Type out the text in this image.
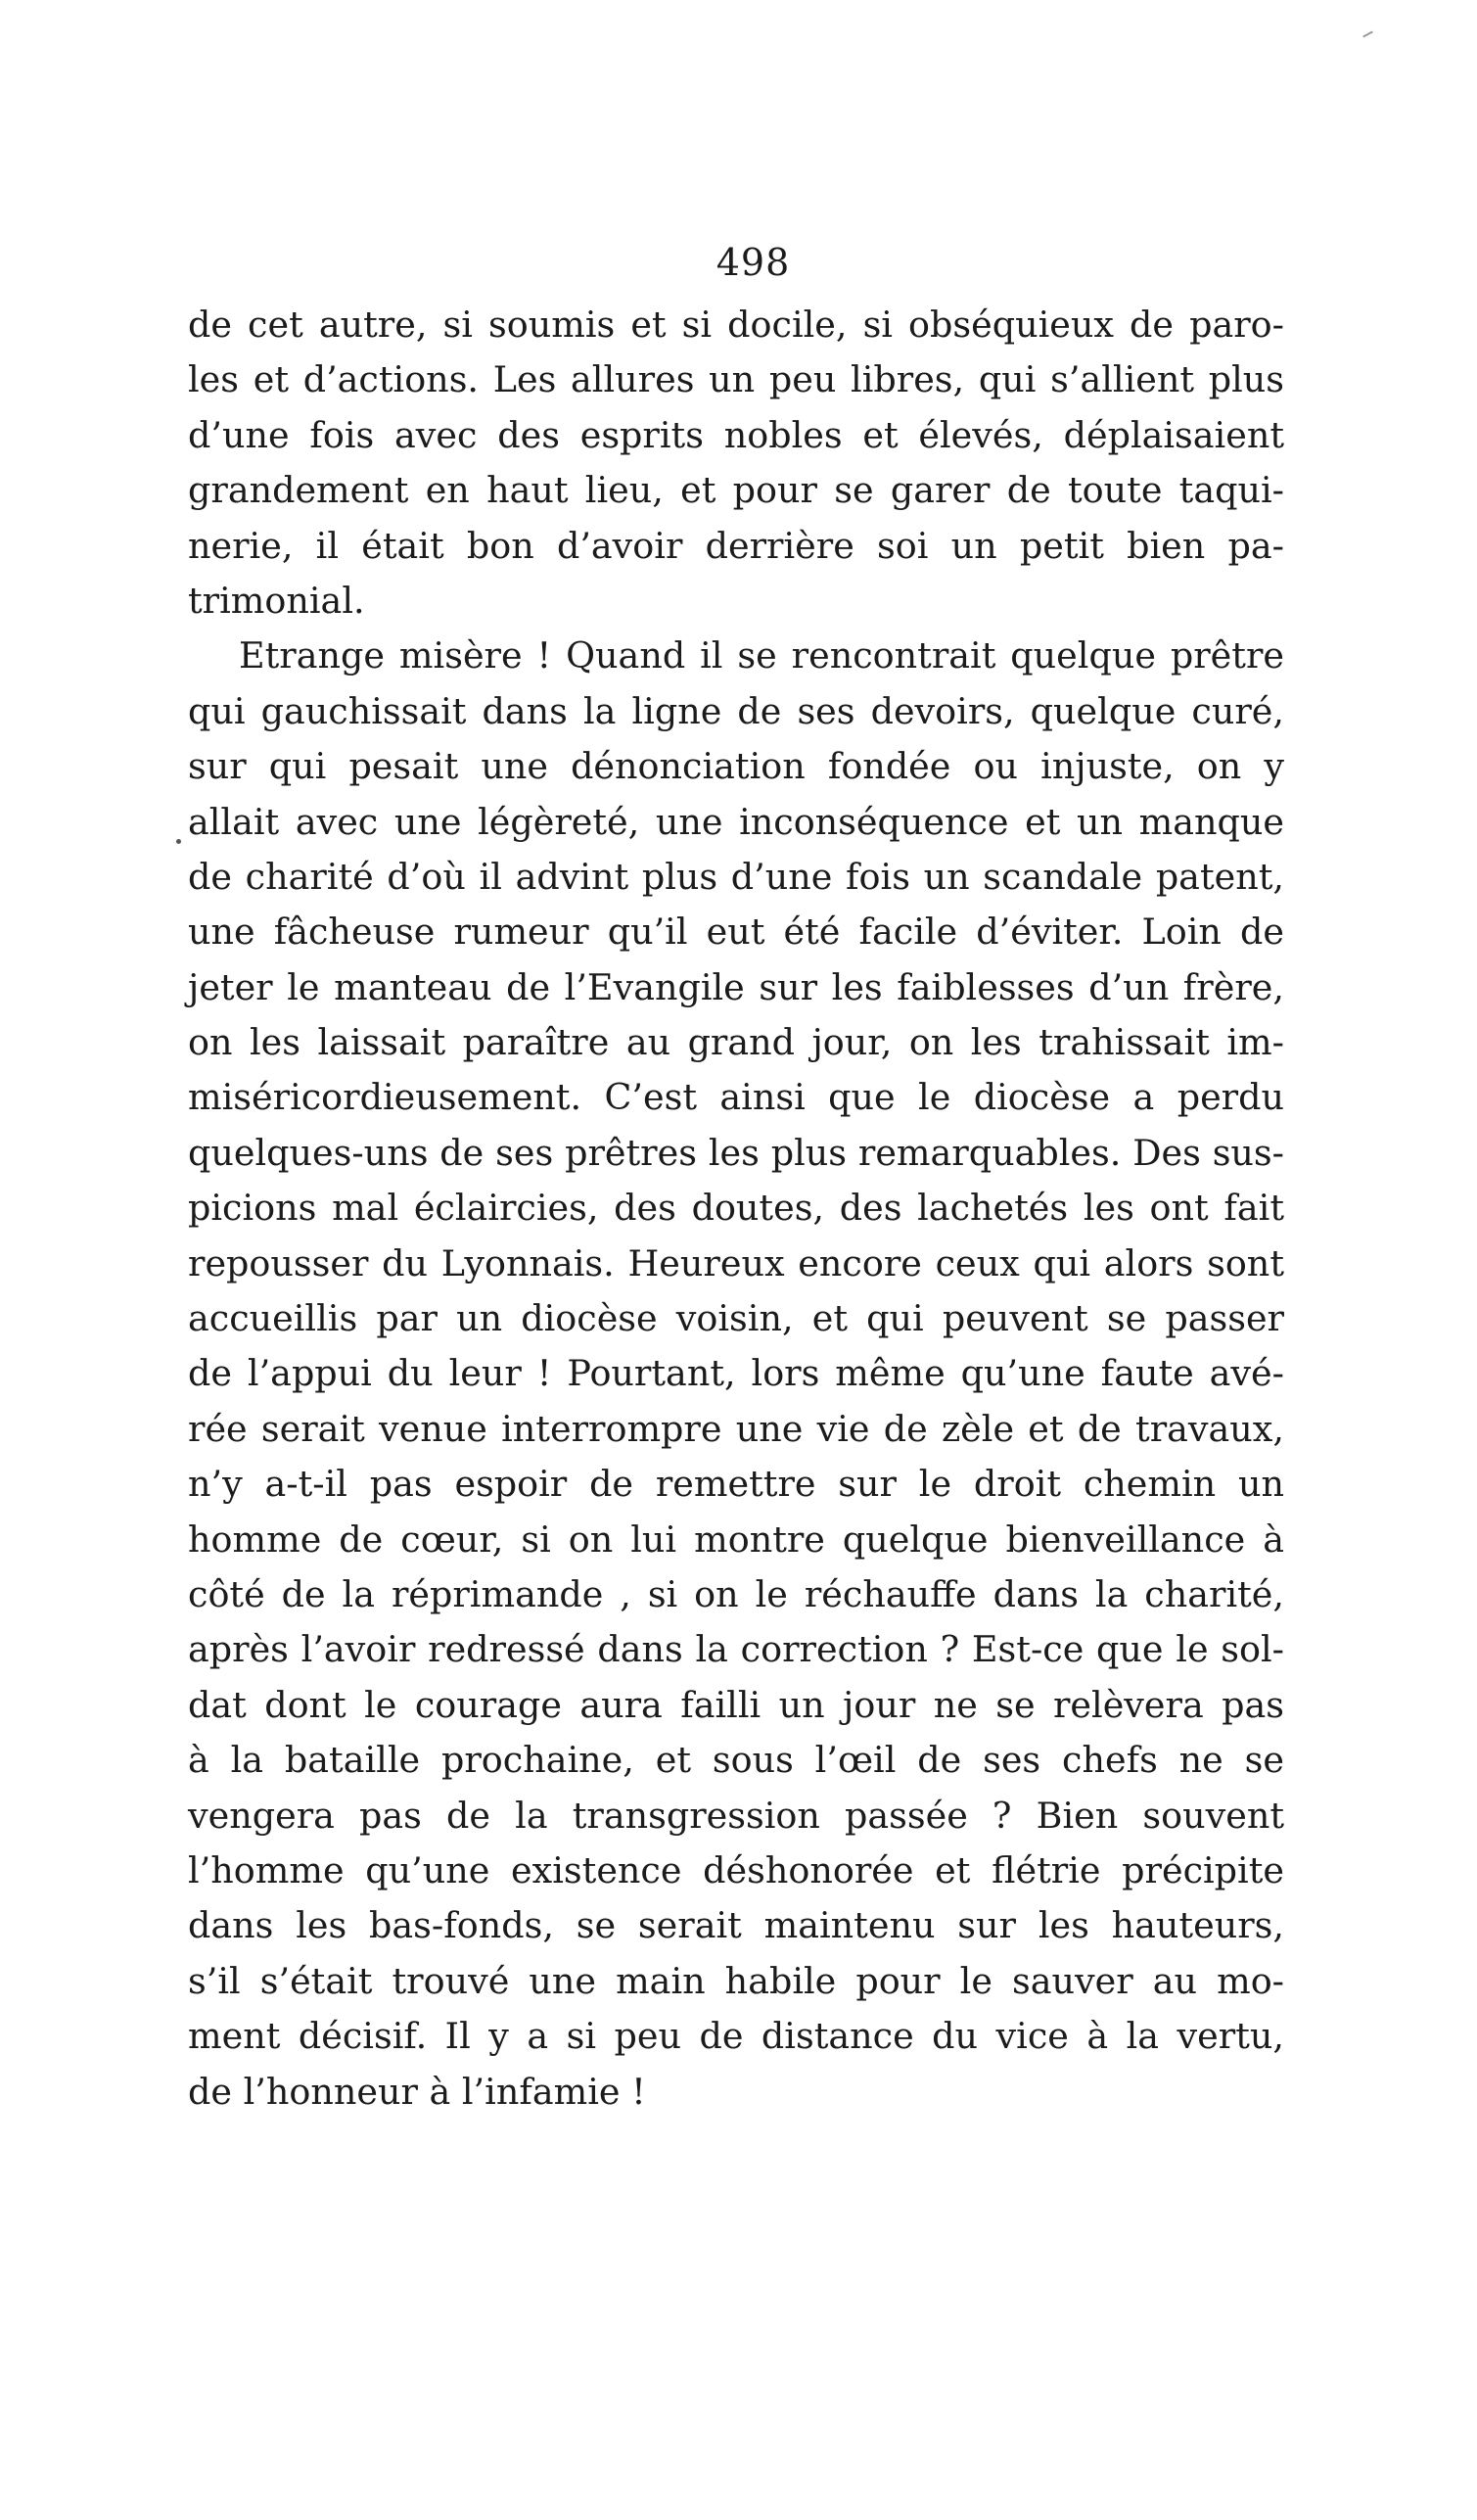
498
de cet autre, si soumis et si docile, si obséquieux de paro-
les et d’actions. Les allures un peu libres, qui s’allient plus
d’une fois avec des esprits nobles et élevés, déplaisaient
grandement en haut lieu, et pour se garer de toute taqui-
nerie, il était bon d’avoir derrière soi un petit bien pa-
trimonial.
Etrange misère ! Quand il se rencontrait quelque prêtre
qui gauchissait dans la ligne de ses devoirs, quelque curé,
sur qui pesait une dénonciation fondée ou injuste, on y
allait avec une légèreté, une inconséquence et un manque
de charité d’où il advint plus d’une fois un scandale patent,
une fâcheuse rumeur qu’il eut été facile d’éviter. Loin de
jeter le manteau de l’Evangile sur les faiblesses d’un frère,
on les laissait paraître au grand jour, on les trahissait im-
miséricordieusement. C’est ainsi que le diocèse a perdu
quelques-uns de ses prêtres les plus remarquables. Des sus-
picions mal éclaircies, des doutes, des lachetés les ont fait
repousser du Lyonnais. Heureux encore ceux qui alors sont
accueillis par un diocèse voisin, et qui peuvent se passer
de l’appui du leur ! Pourtant, lors même qu’une faute avé-
rée serait venue interrompre une vie de zèle et de travaux,
n’y a-t-il pas espoir de remettre sur le droit chemin un
homme de cœur, si on lui montre quelque bienveillance à
côté de la réprimande , si on le réchauffe dans la charité,
après l’avoir redressé dans la correction ? Est-ce que le sol-
dat dont le courage aura failli un jour ne se relèvera pas
à la bataille prochaine, et sous l’œil de ses chefs ne se
vengera pas de la transgression passée ? Bien souvent
l’homme qu’une existence déshonorée et flétrie précipite
dans les bas-fonds, se serait maintenu sur les hauteurs,
s’il s’était trouvé une main habile pour le sauver au mo-
ment décisif. Il y a si peu de distance du vice à la vertu,
de l’honneur à l’infamie !
